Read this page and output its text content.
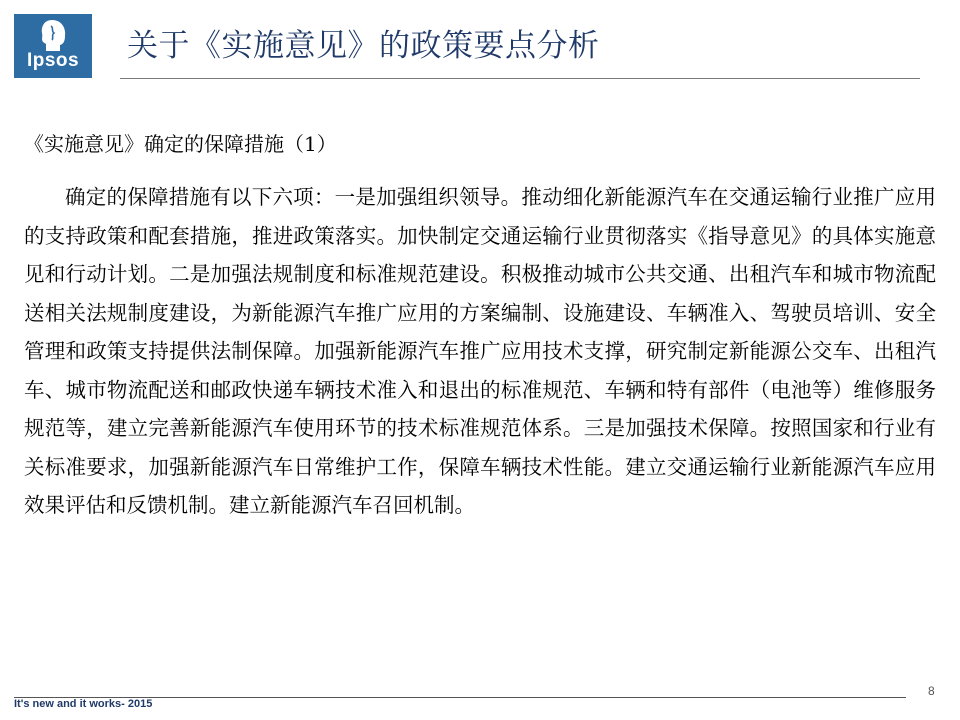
Ipsos	关于《实施意见》的政策要点分析
《实施意见》确定的保障措施（1）

确定的保障措施有以下六项：一是加强组织领导。推动细化新能源汽车在交通运输行业推广应用的支持政策和配套措施，推进政策落实。加快制定交通运输行业贯彻落实《指导意见》的具体实施意见和行动计划。二是加强法规制度和标准规范建设。积极推动城市公共交通、出租汽车和城市物流配送相关法规制度建设，为新能源汽车推广应用的方案编制、设施建设、车辆准入、驾驶员培训、安全管理和政策支持提供法制保障。加强新能源汽车推广应用技术支撑，研究制定新能源公交车、出租汽车、城市物流配送和邮政快递车辆技术准入和退出的标准规范、车辆和特有部件（电池等）维修服务规范等，建立完善新能源汽车使用环节的技术标准规范体系。三是加强技术保障。按照国家和行业有关标准要求，加强新能源汽车日常维护工作，保障车辆技术性能。建立交通运输行业新能源汽车应用效果评估和反馈机制。建立新能源汽车召回机制。

It's new and it works- 2015
8
